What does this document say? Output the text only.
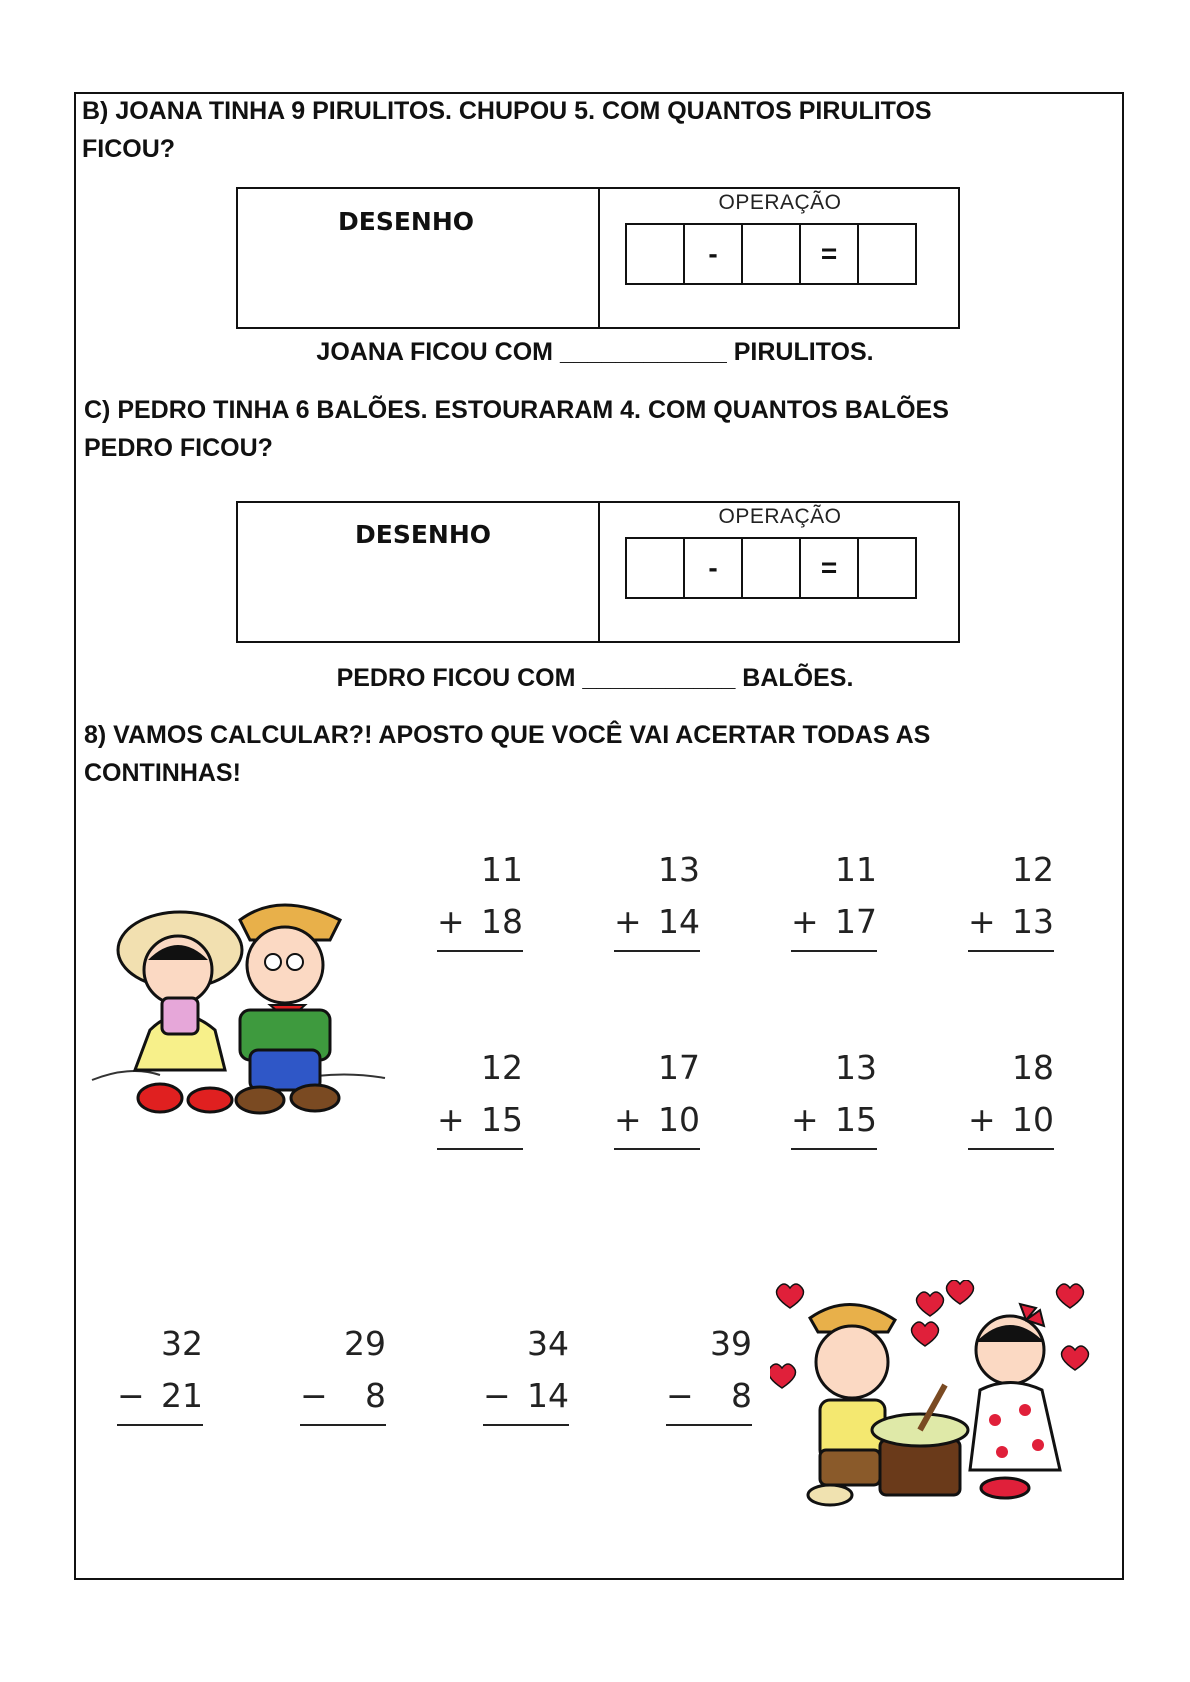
B) JOANA TINHA 9 PIRULITOS. CHUPOU 5. COM QUANTOS PIRULITOS
FICOU?
DESENHO
OPERAÇÃO
-	=
JOANA FICOU COM ____________ PIRULITOS.
C) PEDRO TINHA 6 BALÕES. ESTOURARAM 4. COM QUANTOS BALÕES
PEDRO FICOU?
DESENHO
OPERAÇÃO
-	=
PEDRO FICOU COM ___________ BALÕES.
8) VAMOS CALCULAR?! APOSTO QUE VOCÊ VAI ACERTAR TODAS AS
CONTINHAS!
11
+ 18
13
+ 14
11
+ 17
12
+ 13
12
+ 15
17
+ 10
13
+ 15
18
+ 10
32
− 21
29
− 8
34
− 14
39
− 8
